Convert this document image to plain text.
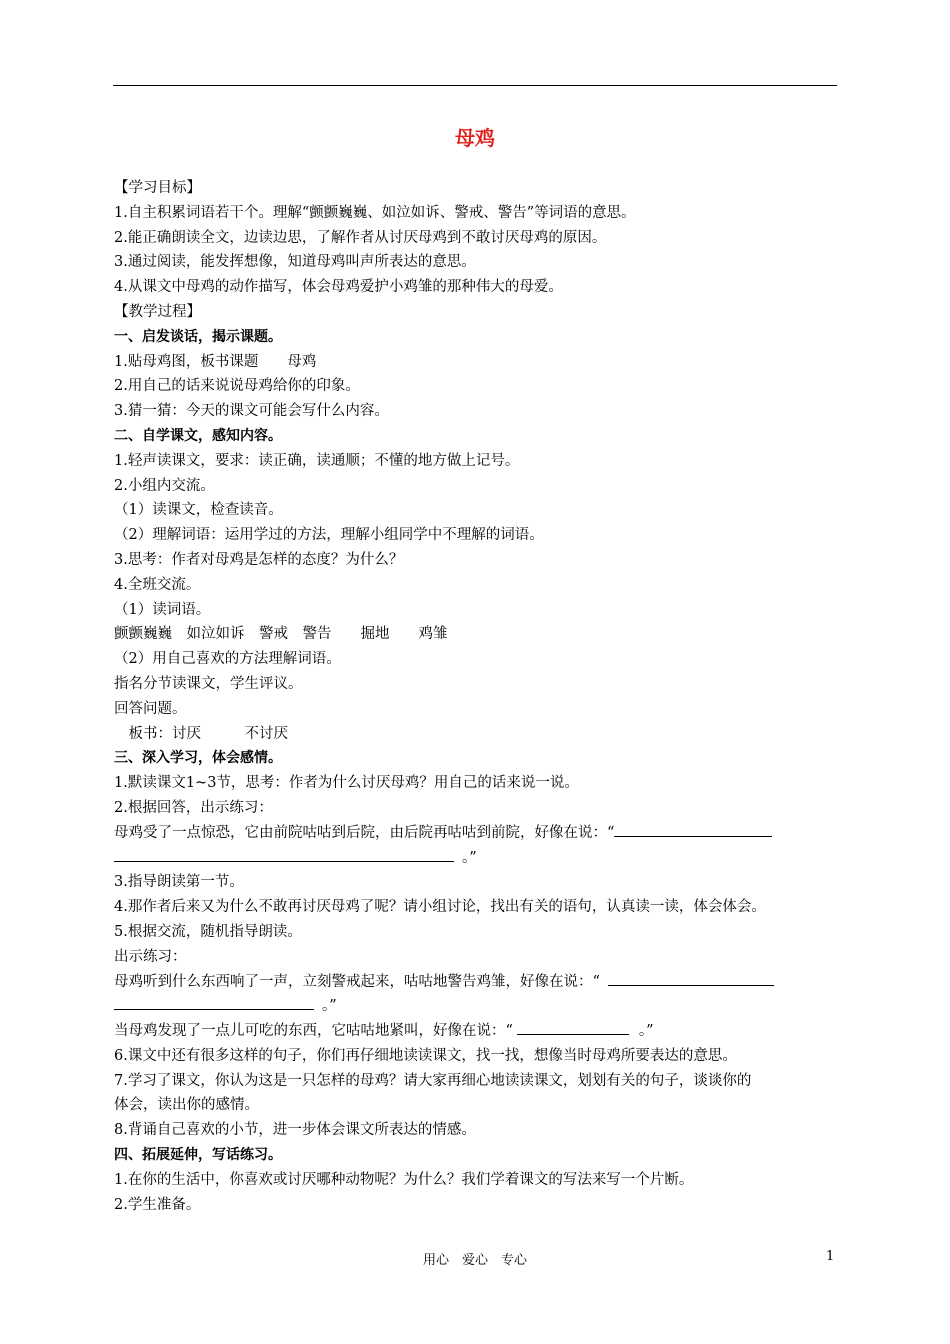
母鸡
【学习目标】
1.自主积累词语若干个。理解“颤颤巍巍、如泣如诉、警戒、警告”等词语的意思。
2.能正确朗读全文，边读边思，了解作者从讨厌母鸡到不敢讨厌母鸡的原因。
3.通过阅读，能发挥想像，知道母鸡叫声所表达的意思。
4.从课文中母鸡的动作描写，体会母鸡爱护小鸡雏的那种伟大的母爱。
【教学过程】
一、启发谈话，揭示课题。
1.贴母鸡图，板书课题　　母鸡
2.用自己的话来说说母鸡给你的印象。
3.猜一猜：今天的课文可能会写什么内容。
二、自学课文，感知内容。
1.轻声读课文，要求：读正确，读通顺；不懂的地方做上记号。
2.小组内交流。
（1）读课文，检查读音。
（2）理解词语：运用学过的方法，理解小组同学中不理解的词语。
3.思考：作者对母鸡是怎样的态度？为什么？
4.全班交流。
（1）读词语。
颤颤巍巍　如泣如诉　警戒　警告　　掘地　　鸡雏
（2）用自己喜欢的方法理解词语。
指名分节读课文，学生评议。
回答问题。
　板书：讨厌　　　不讨厌
三、深入学习，体会感情。
1.默读课文1~3节，思考：作者为什么讨厌母鸡？用自己的话来说一说。
2.根据回答，出示练习：
母鸡受了一点惊恐，它由前院咕咕到后院，由后院再咕咕到前院，好像在说：“
。”
3.指导朗读第一节。
4.那作者后来又为什么不敢再讨厌母鸡了呢？请小组讨论，找出有关的语句，认真读一读，体会体会。
5.根据交流，随机指导朗读。
出示练习：
母鸡听到什么东西响了一声，立刻警戒起来，咕咕地警告鸡雏，好像在说：“
。”
当母鸡发现了一点儿可吃的东西，它咕咕地紧叫，好像在说：“	。”
6.课文中还有很多这样的句子，你们再仔细地读读课文，找一找，想像当时母鸡所要表达的意思。
7.学习了课文，你认为这是一只怎样的母鸡？请大家再细心地读读课文，划划有关的句子，谈谈你的
体会，读出你的感情。
8.背诵自己喜欢的小节，进一步体会课文所表达的情感。
四、拓展延伸，写话练习。
1.在你的生活中，你喜欢或讨厌哪种动物呢？为什么？我们学着课文的写法来写一个片断。
2.学生准备。
用心　爱心　专心	1
